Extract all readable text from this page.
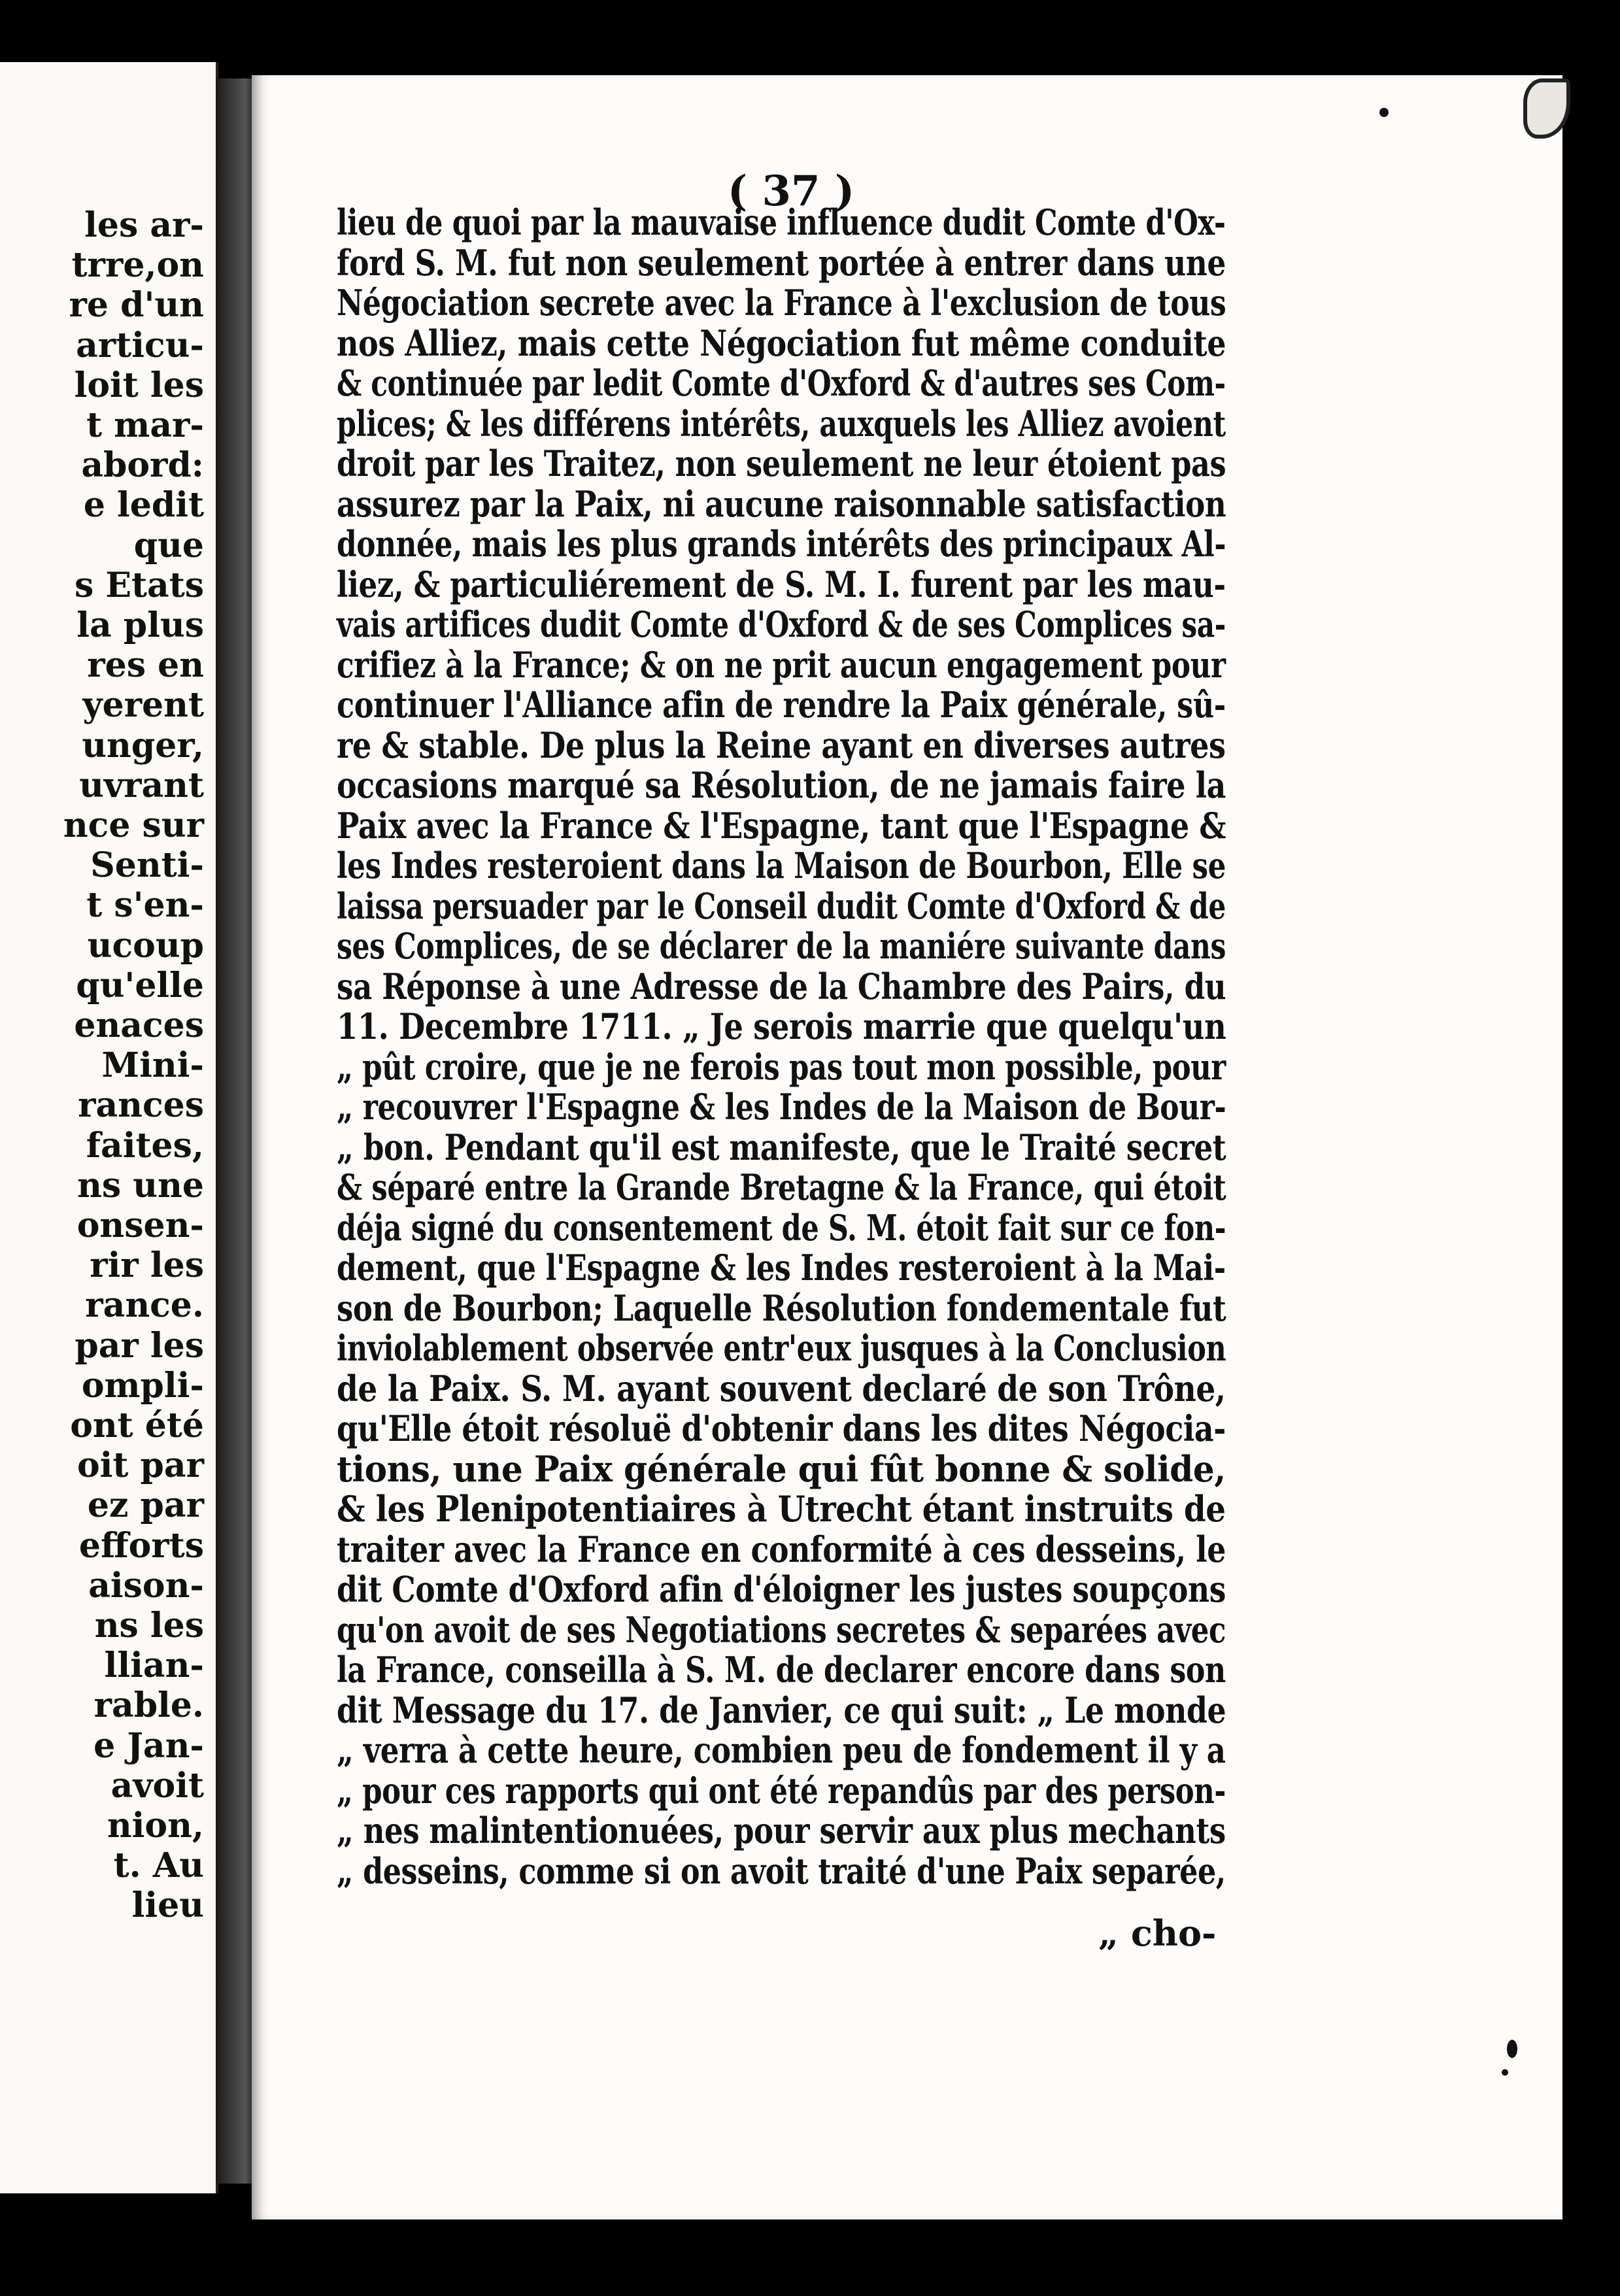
les ar-
trre,on
re d'un
articu-
loit les
t mar-
abord:
e ledit
que
s Etats
la plus
res en
yerent
unger,
uvrant
nce sur
Senti-
t s'en-
ucoup
qu'elle
enaces
Mini-
rances
faites,
ns une
onsen-
rir les
rance.
par les
ompli-
ont été
oit par
ez par
efforts
aison-
ns les
llian-
rable.
e Jan-
avoit
nion,
t. Au
lieu
( 37 )
lieu de quoi par la mauvaise influence dudit Comte d'Ox-
ford S. M. fut non seulement portée à entrer dans une
Négociation secrete avec la France à l'exclusion de tous
nos Alliez, mais cette Négociation fut même conduite
& continuée par ledit Comte d'Oxford & d'autres ses Com-
plices; & les différens intérêts, auxquels les Alliez avoient
droit par les Traitez, non seulement ne leur étoient pas
assurez par la Paix, ni aucune raisonnable satisfaction
donnée, mais les plus grands intérêts des principaux Al-
liez, & particuliérement de S. M. I. furent par les mau-
vais artifices dudit Comte d'Oxford & de ses Complices sa-
crifiez à la France; & on ne prit aucun engagement pour
continuer l'Alliance afin de rendre la Paix générale, sû-
re & stable. De plus la Reine ayant en diverses autres
occasions marqué sa Résolution, de ne jamais faire la
Paix avec la France & l'Espagne, tant que l'Espagne &
les Indes resteroient dans la Maison de Bourbon, Elle se
laissa persuader par le Conseil dudit Comte d'Oxford & de
ses Complices, de se déclarer de la maniére suivante dans
sa Réponse à une Adresse de la Chambre des Pairs, du
11. Decembre 1711. „ Je serois marrie que quelqu'un
„ pût croire, que je ne ferois pas tout mon possible, pour
„ recouvrer l'Espagne & les Indes de la Maison de Bour-
„ bon. Pendant qu'il est manifeste, que le Traité secret
& séparé entre la Grande Bretagne & la France, qui étoit
déja signé du consentement de S. M. étoit fait sur ce fon-
dement, que l'Espagne & les Indes resteroient à la Mai-
son de Bourbon; Laquelle Résolution fondementale fut
inviolablement observée entr'eux jusques à la Conclusion
de la Paix. S. M. ayant souvent declaré de son Trône,
qu'Elle étoit résoluë d'obtenir dans les dites Négocia-
tions, une Paix générale qui fût bonne & solide,
& les Plenipotentiaires à Utrecht étant instruits de
traiter avec la France en conformité à ces desseins, le
dit Comte d'Oxford afin d'éloigner les justes soupçons
qu'on avoit de ses Negotiations secretes & separées avec
la France, conseilla à S. M. de declarer encore dans son
dit Message du 17. de Janvier, ce qui suit: „ Le monde
„ verra à cette heure, combien peu de fondement il y a
„ pour ces rapports qui ont été repandûs par des person-
„ nes malintentionuées, pour servir aux plus mechants
„ desseins, comme si on avoit traité d'une Paix separée,
„ cho-
